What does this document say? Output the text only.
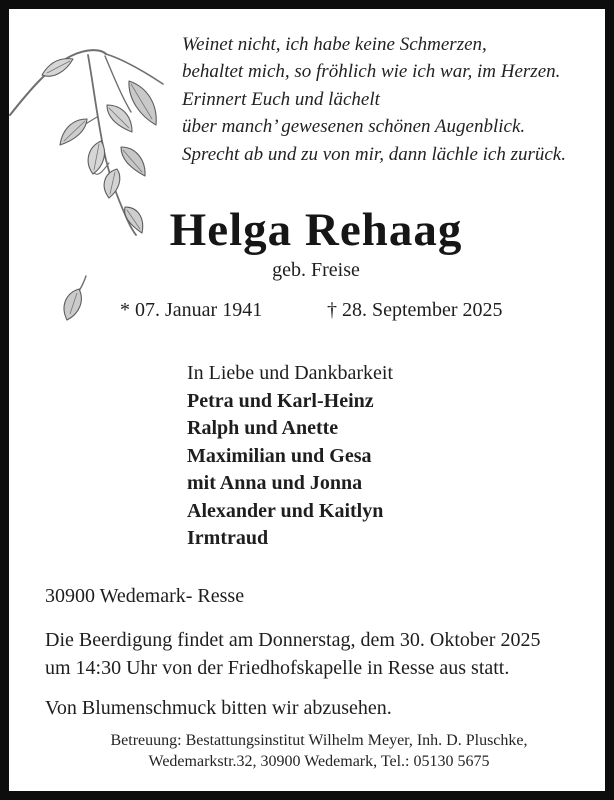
Weinet nicht, ich habe keine Schmerzen,
behaltet mich, so fröhlich wie ich war, im Herzen.
Erinnert Euch und lächelt
über manch’ gewesenen schönen Augenblick.
Sprecht ab und zu von mir, dann lächle ich zurück.
Helga Rehaag
geb. Freise
* 07. Januar 1941	† 28. September 2025
In Liebe und Dankbarkeit
Petra und Karl-Heinz
Ralph und Anette
Maximilian und Gesa
mit Anna und Jonna
Alexander und Kaitlyn
Irmtraud
30900 Wedemark- Resse
Die Beerdigung findet am Donnerstag, dem 30. Oktober 2025
um 14:30 Uhr von der Friedhofskapelle in Resse aus statt.
Von Blumenschmuck bitten wir abzusehen.
Betreuung: Bestattungsinstitut Wilhelm Meyer, Inh. D. Pluschke,
Wedemarkstr.32, 30900 Wedemark, Tel.: 05130 5675
